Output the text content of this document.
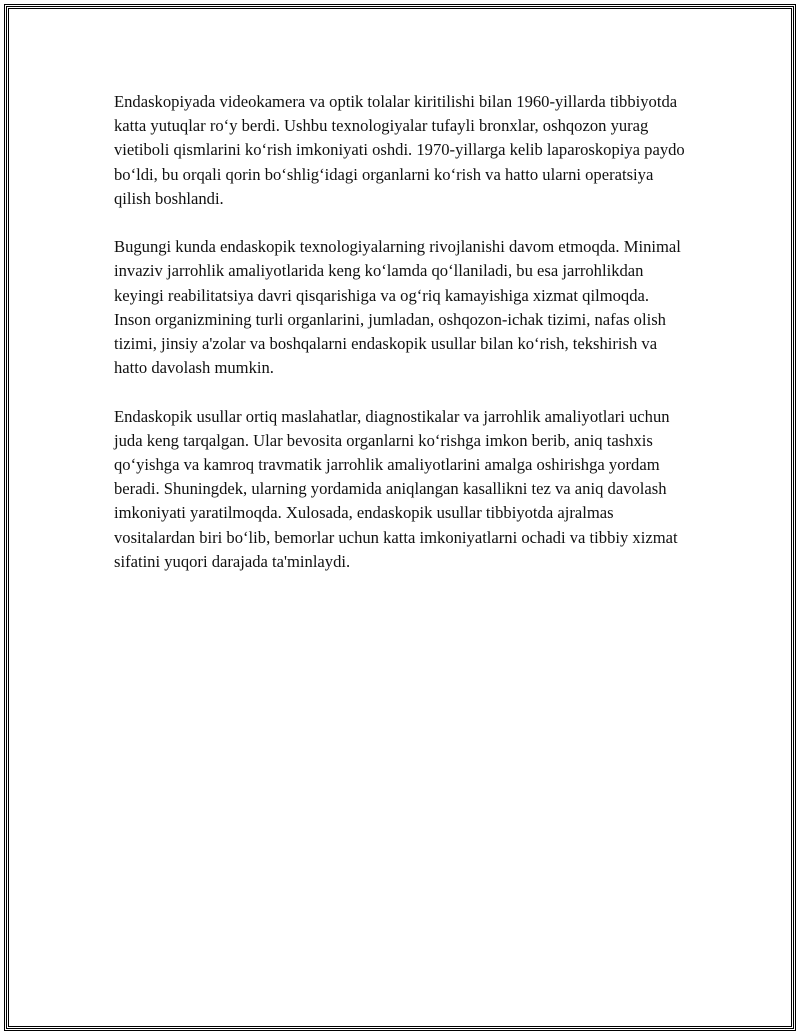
Endaskopiyada videokamera va optik tolalar kiritilishi bilan 1960-yillarda tibbiyotda katta yutuqlar ro‘y berdi. Ushbu texnologiyalar tufayli bronxlar, oshqozon yurag vietiboli qismlarini ko‘rish imkoniyati oshdi. 1970-yillarga kelib laparoskopiya paydo bo‘ldi, bu orqali qorin bo‘shlig‘idagi organlarni ko‘rish va hatto ularni operatsiya qilish boshlandi.

Bugungi kunda endaskopik texnologiyalarning rivojlanishi davom etmoqda. Minimal invaziv jarrohlik amaliyotlarida keng ko‘lamda qo‘llaniladi, bu esa jarrohlikdan keyingi reabilitatsiya davri qisqarishiga va og‘riq kamayishiga xizmat qilmoqda. Inson organizmining turli organlarini, jumladan, oshqozon-ichak tizimi, nafas olish tizimi, jinsiy a'zolar va boshqalarni endaskopik usullar bilan ko‘rish, tekshirish va hatto davolash mumkin.

Endaskopik usullar ortiq maslahatlar, diagnostikalar va jarrohlik amaliyotlari uchun juda keng tarqalgan. Ular bevosita organlarni ko‘rishga imkon berib, aniq tashxis qo‘yishga va kamroq travmatik jarrohlik amaliyotlarini amalga oshirishga yordam beradi. Shuningdek, ularning yordamida aniqlangan kasallikni tez va aniq davolash imkoniyati yaratilmoqda. Xulosada, endaskopik usullar tibbiyotda ajralmas vositalardan biri bo‘lib, bemorlar uchun katta imkoniyatlarni ochadi va tibbiy xizmat sifatini yuqori darajada ta'minlaydi.
